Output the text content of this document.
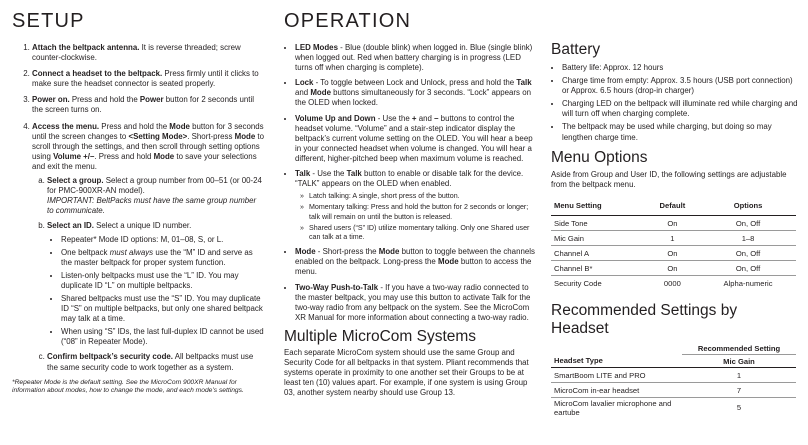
SETUP
1. Attach the beltpack antenna. It is reverse threaded; screw counter-clockwise.
2. Connect a headset to the beltpack. Press firmly until it clicks to make sure the headset connector is seated properly.
3. Power on. Press and hold the Power button for 2 seconds until the screen turns on.
4. Access the menu. Press and hold the Mode button for 3 seconds until the screen changes to <Setting Mode>. Short-press Mode to scroll through the settings, and then scroll through setting options using Volume +/–. Press and hold Mode to save your selections and exit the menu.
a. Select a group. Select a group number from 00–51 (or 00-24 for PMC-900XR-AN model).
IMPORTANT: BeltPacks must have the same group number to communicate.
b. Select an ID. Select a unique ID number.
• Repeater* Mode ID options: M, 01–08, S, or L.
• One beltpack must always use the “M” ID and serve as the master beltpack for proper system function.
• Listen-only beltpacks must use the “L” ID. You may duplicate ID “L” on multiple beltpacks.
• Shared beltpacks must use the “S” ID. You may duplicate ID “S” on multiple beltpacks, but only one shared beltpack may talk at a time.
• When using “S” IDs, the last full-duplex ID cannot be used (“08” in Repeater Mode).
c. Confirm beltpack’s security code. All beltpacks must use the same security code to work together as a system.

*Repeater Mode is the default setting. See the MicroCom 900XR Manual for information about modes, how to change the mode, and each mode’s settings.

OPERATION
• LED Modes - Blue (double blink) when logged in. Blue (single blink) when logged out. Red when battery charging is in progress (LED turns off when charging is complete).
• Lock - To toggle between Lock and Unlock, press and hold the Talk and Mode buttons simultaneously for 3 seconds. “Lock” appears on the OLED when locked.
• Volume Up and Down - Use the + and – buttons to control the headset volume. “Volume” and a stair-step indicator display the beltpack’s current volume setting on the OLED. You will hear a beep in your connected headset when volume is changed. You will hear a different, higher-pitched beep when maximum volume is reached.
• Talk - Use the Talk button to enable or disable talk for the device. “TALK” appears on the OLED when enabled.
» Latch talking: A single, short press of the button.
» Momentary talking: Press and hold the button for 2 seconds or longer; talk will remain on until the button is released.
» Shared users (“S” ID) utilize momentary talking. Only one Shared user can talk at a time.
• Mode - Short-press the Mode button to toggle between the channels enabled on the beltpack. Long-press the Mode button to access the menu.
• Two-Way Push-to-Talk - If you have a two-way radio connected to the master beltpack, you may use this button to activate Talk for the two-way radio from any beltpack on the system. See the MicroCom XR Manual for more information about connecting a two-way radio.
Multiple MicroCom Systems

Each separate MicroCom system should use the same Group and Security Code for all beltpacks in that system. Pliant recommends that systems operate in proximity to one another set their Groups to be at least ten (10) values apart. For example, if one system is using Group 03, another system nearby should use Group 13.

Battery
• Battery life: Approx. 12 hours
• Charge time from empty: Approx. 3.5 hours (USB port connection) or Approx. 6.5 hours (drop-in charger)
• Charging LED on the beltpack will illuminate red while charging and will turn off when charging complete.
• The beltpack may be used while charging, but doing so may lengthen charge time.
Menu Options

Aside from Group and User ID, the following settings are adjustable from the beltpack menu.

Menu Setting	Default	Options
Side Tone	On	On, Off
Mic Gain	1	1–8
Channel A	On	On, Off
Channel B*	On	On, Off
Security Code	0000	Alpha-numeric
Recommended Settings by Headset
Headset Type	Recommended Setting
	Mic Gain
SmartBoom LITE and PRO	1
MicroCom in-ear headset	7
MicroCom lavalier microphone and eartube	5
